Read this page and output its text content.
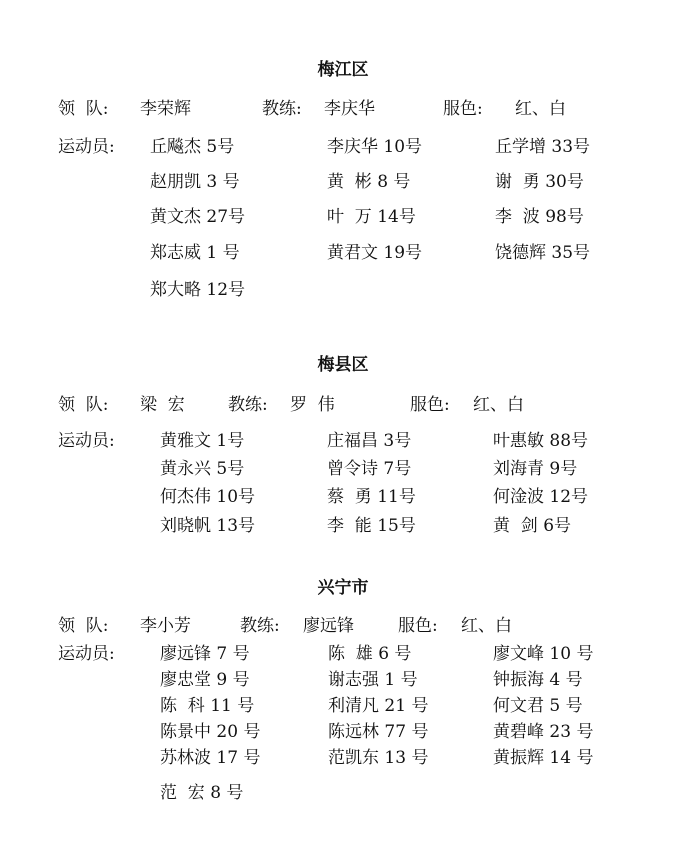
梅江区
领  队: 李荣辉	教练: 李庆华	服色: 红、白
运动员: 丘飚杰 5号	李庆华 10号	丘学增 33号
赵朋凯 3 号	黄  彬 8 号	谢  勇 30号
黄文杰 27号	叶  万 14号	李  波 98号
郑志威 1 号	黄君文 19号	饶德辉 35号
郑大略 12号
梅县区
领  队: 梁  宏	教练: 罗  伟	服色: 红、白
运动员:	黄雅文 1号	庄福昌 3号	叶惠敏 88号
黄永兴 5号	曾令诗 7号	刘海青 9号
何杰伟 10号	蔡  勇 11号	何淦波 12号
刘晓帆 13号	李  能 15号	黄  剑 6号
兴宁市
领  队: 李小芳	教练: 廖远锋	服色: 红、白
运动员:	廖远锋 7 号	陈  雄 6 号	廖文峰 10 号
廖忠堂 9 号	谢志强 1 号	钟振海 4 号
陈  科 11 号	利清凡 21 号	何文君 5 号
陈景中 20 号	陈远林 77 号	黄碧峰 23 号
苏林波 17 号	范凯东 13 号	黄振辉 14 号
范  宏 8 号
